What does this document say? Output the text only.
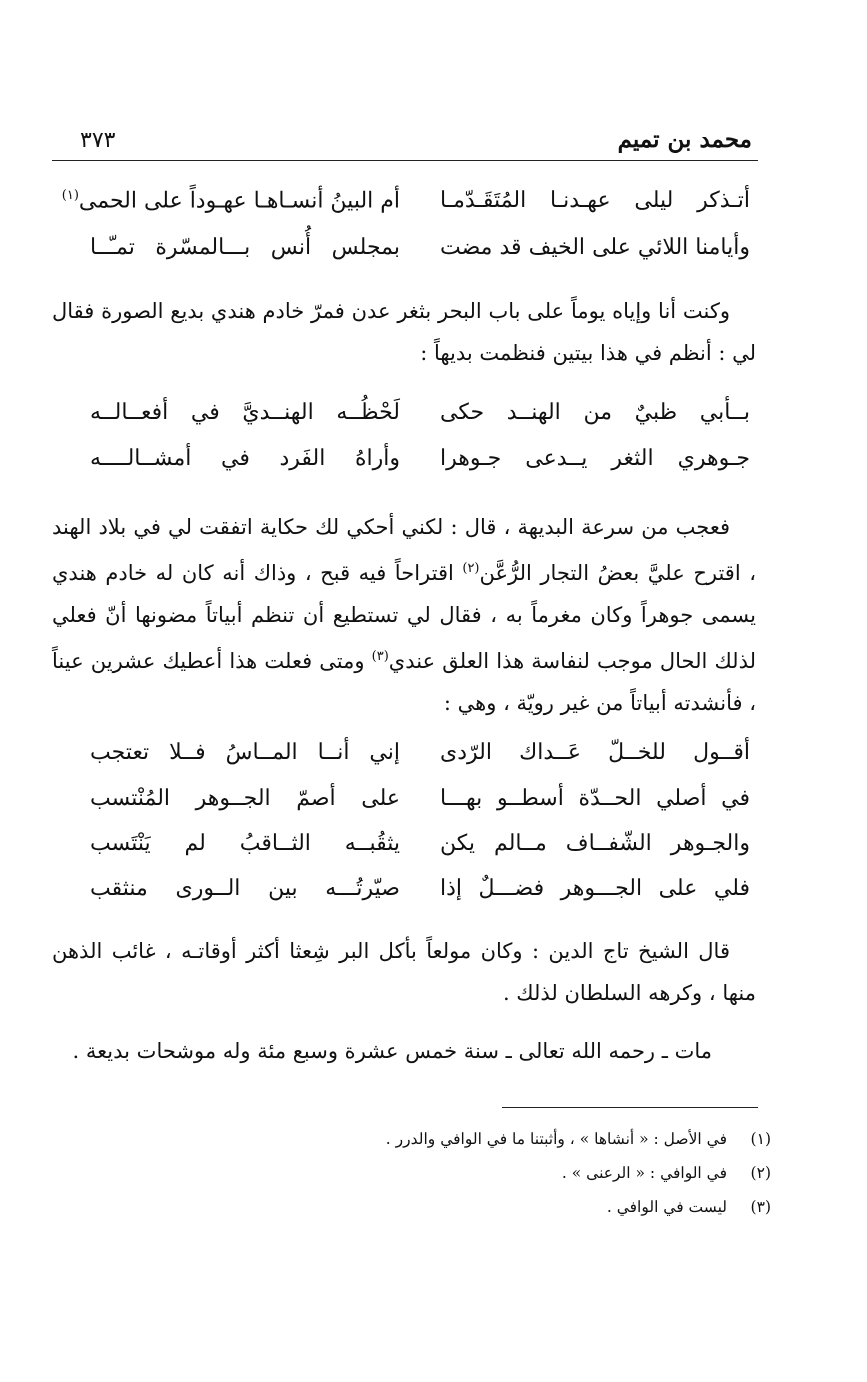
٣٧٣	محمد بن تميم
أتـذكر ليلى عهـدنـا المُتَقَـدّمـا
أم البينُ أنسـاهـا عهـوداً على الحمى$^{(١)}$
وأيامنا اللائي على الخيف قد مضت
بمجلس أُنس بـــالمسّرة تمـّــا

وكنت أنا وإياه يوماً على باب البحر بثغر عدن فمرّ خادم هندي بديع الصورة فقال لي : أنظم في هذا بيتين فنظمت بديهاً :

بــأبي ظبيٌ من الهنــد حكى
لَحْظُــه الهنــديَّ في أفعــالــه
جـوهري الثغر يــدعى جـوهرا
وأراهُ الفَرد في أمشــالــــه

فعجب من سرعة البديهة ، قال : لكني أحكي لك حكاية اتفقت لي في بلاد الهند ، اقترح عليَّ بعضُ التجار الرُّعَّن$^{(٢)}$ اقتراحاً فيه قبح ، وذاك أنه كان له خادم هندي يسمى جوهراً وكان مغرماً به ، فقال لي تستطيع أن تنظم أبياتاً مضونها أنّ فعلي لذلك الحال موجب لنفاسة هذا العلق عندي$^{(٣)}$ ومتى فعلت هذا أعطيك عشرين عيناً ، فأنشدته أبياتاً من غير رويّة ، وهي :

أقــول للخــلّ عَــداك الرّدى
إني أنــا المــاسُ فــلا تعتجب
في أصلي الحــدّة أسطــو بهـــا
على أصمّ الجــوهر المُنْتسب
والجـوهر الشّفــاف مــالم يكن
يثقُبــه الثــاقبُ لم يَنْتَسب
فلي على الجـــوهر فضـــلٌ إذا
صيّرتُـــه بين الــورى منثقب

قال الشيخ تاج الدين : وكان مولعاً بأكل البر شِعثا أكثر أوقاتـه ، غائب الذهن منها ، وكرهه السلطان لذلك .

مات ـ رحمه الله تعالى ـ سنة خمس عشرة وسبع مئة وله موشحات بديعة .

(١)في الأصل : « أنشاها » ، وأثبتنا ما في الوافي والدرر .
(٢)في الوافي : « الرعنى » .
(٣)ليست في الوافي .
